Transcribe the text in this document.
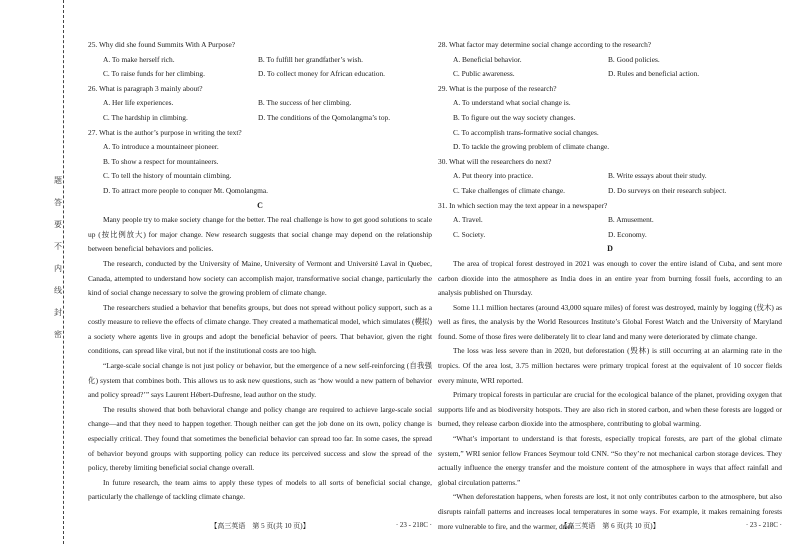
题
答
要
不
内
线
封
密

25. Why did she found Summits With A Purpose?

A. To make herself rich.	B. To fulfill her grandfather’s wish.
C. To raise funds for her climbing.	D. To collect money for African education.

26. What is paragraph 3 mainly about?

A. Her life experiences.	B. The success of her climbing.
C. The hardship in climbing.	D. The conditions of the Qomolangma’s top.

27. What is the author’s purpose in writing the text?

A. To introduce a mountaineer pioneer.
B. To show a respect for mountaineers.
C. To tell the history of mountain climbing.
D. To attract more people to conquer Mt. Qomolangma.

C

Many people try to make society change for the better. The real challenge is how to get good solutions to scale up (按比例放大) for major change. New research suggests that social change may depend on the relationship between beneficial behaviors and policies.

The research, conducted by the University of Maine, University of Vermont and Université Laval in Quebec, Canada, attempted to understand how society can accomplish major, transformative social change, particularly the kind of social change necessary to solve the growing problem of climate change.

The researchers studied a behavior that benefits groups, but does not spread without policy support, such as a costly measure to relieve the effects of climate change. They created a mathematical model, which simulates (模拟) a society where agents live in groups and adopt the beneficial behavior of peers. That behavior, given the right conditions, can spread like viral, but not if the institutional costs are too high.

“Large-scale social change is not just policy or behavior, but the emergence of a new self-reinforcing (自我强化) system that combines both. This allows us to ask new questions, such as ‘how would a new pattern of behavior and policy spread?’” says Laurent Hébert-Dufresne, lead author on the study.

The results showed that both behavioral change and policy change are required to achieve large-scale social change—and that they need to happen together. Though neither can get the job done on its own, policy change is especially critical. They found that sometimes the beneficial behavior can spread too far. In some cases, the spread of behavior beyond groups with supporting policy can reduce its perceived success and slow the spread of the policy, thereby limiting beneficial social change overall.

In future research, the team aims to apply these types of models to all sorts of beneficial social change, particularly the challenge of tackling climate change.

28. What factor may determine social change according to the research?

A. Beneficial behavior.	B. Good policies.
C. Public awareness.	D. Rules and beneficial action.

29. What is the purpose of the research?

A. To understand what social change is.
B. To figure out the way society changes.
C. To accomplish trans-formative social changes.
D. To tackle the growing problem of climate change.

30. What will the researchers do next?

A. Put theory into practice.	B. Write essays about their study.
C. Take challenges of climate change.	D. Do surveys on their research subject.

31. In which section may the text appear in a newspaper?

A. Travel.	B. Amusement.
C. Society.	D. Economy.

D

The area of tropical forest destroyed in 2021 was enough to cover the entire island of Cuba, and sent more carbon dioxide into the atmosphere as India does in an entire year from burning fossil fuels, according to an analysis published on Thursday.

Some 11.1 million hectares (around 43,000 square miles) of forest was destroyed, mainly by logging (伐木) as well as fires, the analysis by the World Resources Institute’s Global Forest Watch and the University of Maryland found. Some of those fires were deliberately lit to clear land and many were deteriorated by climate change.

The loss was less severe than in 2020, but deforestation (毁林) is still occurring at an alarming rate in the tropics. Of the area lost, 3.75 million hectares were primary tropical forest at the equivalent of 10 soccer fields every minute, WRI reported.

Primary tropical forests in particular are crucial for the ecological balance of the planet, providing oxygen that supports life and as biodiversity hotspots. They are also rich in stored carbon, and when these forests are logged or burned, they release carbon dioxide into the atmosphere, contributing to global warming.

“What’s important to understand is that forests, especially tropical forests, are part of the global climate system,” WRI senior fellow Frances Seymour told CNN. “So they’re not mechanical carbon storage devices. They actually influence the energy transfer and the moisture content of the atmosphere in ways that affect rainfall and global circulation patterns.”

“When deforestation happens, when forests are lost, it not only contributes carbon to the atmosphere, but also disrupts rainfall patterns and increases local temperatures in some ways. For example, it makes remaining forests more vulnerable to fire, and the warmer, drier

【高三英语　第 5 页(共 10 页)】	· 23 - 218C ·	【高三英语　第 6 页(共 10 页)】	· 23 - 218C ·
